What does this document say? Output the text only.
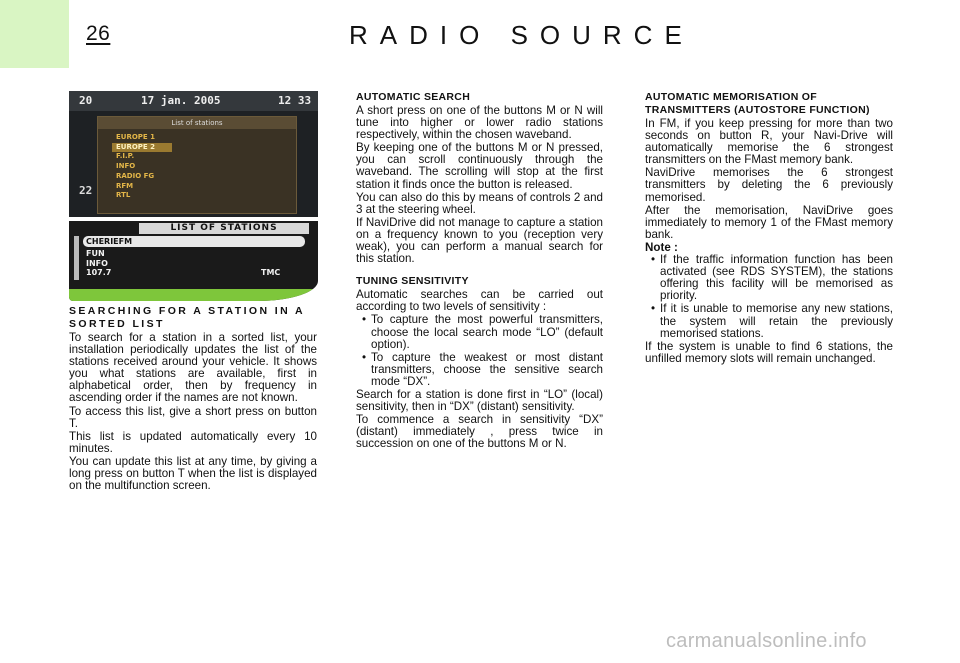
26	RADIO SOURCE
20	17 jan. 2005	12 33
List of stations
EUROPE 1
EUROPE 2
F.I.P.
INFO
RADIO FG
RFM
RTL
22
LIST OF STATIONS
CHERIEFM
FUN
INFO
107.7	TMC
SEARCHING FOR A STATION IN A SORTED LIST

To search for a station in a sorted list, your installation periodically updates the list of the stations received around your vehicle. It shows you what stations are available, first in alphabetical order, then by frequency in ascending order if the names are not known.

To access this list, give a short press on button T.

This list is updated automatically every 10 minutes.

You can update this list at any time, by giving a long press on button T when the list is displayed on the multifunction screen.

AUTOMATIC SEARCH

A short press on one of the buttons M or N will tune into higher or lower radio stations respectively, within the chosen waveband.

By keeping one of the buttons M or N pressed, you can scroll continuously through the waveband. The scrolling will stop at the first station it finds once the button is released.

You can also do this by means of controls 2 and 3 at the steering wheel.

If NaviDrive did not manage to capture a station on a frequency known to you (reception very weak), you can perform a manual search for this station.

TUNING SENSITIVITY

Automatic searches can be carried out according to two levels of sensitivity :

• To capture the most powerful transmitters, choose the local search mode “LO” (default option).
• To capture the weakest or most distant transmitters, choose the sensitive search mode “DX”.

Search for a station is done first in “LO” (local) sensitivity, then in “DX” (distant) sensitivity.

To commence a search in sensitivity “DX” (distant) immediately , press twice in succession on one of the buttons M or N.

AUTOMATIC MEMORISATION OF TRANSMITTERS (AUTOSTORE FUNCTION)

In FM, if you keep pressing for more than two seconds on button R, your Navi-Drive will automatically memorise the 6 strongest transmitters on the FMast memory bank.

NaviDrive memorises the 6 strongest transmitters by deleting the 6 previously memorised.

After the memorisation, NaviDrive goes immediately to memory 1 of the FMast memory bank.

Note :
• If the traffic information function has been activated (see RDS SYSTEM), the stations offering this facility will be memorised as priority.
• If it is unable to memorise any new stations, the system will retain the previously memorised stations.

If the system is unable to find 6 stations, the unfilled memory slots will remain unchanged.

carmanualsonline.info
